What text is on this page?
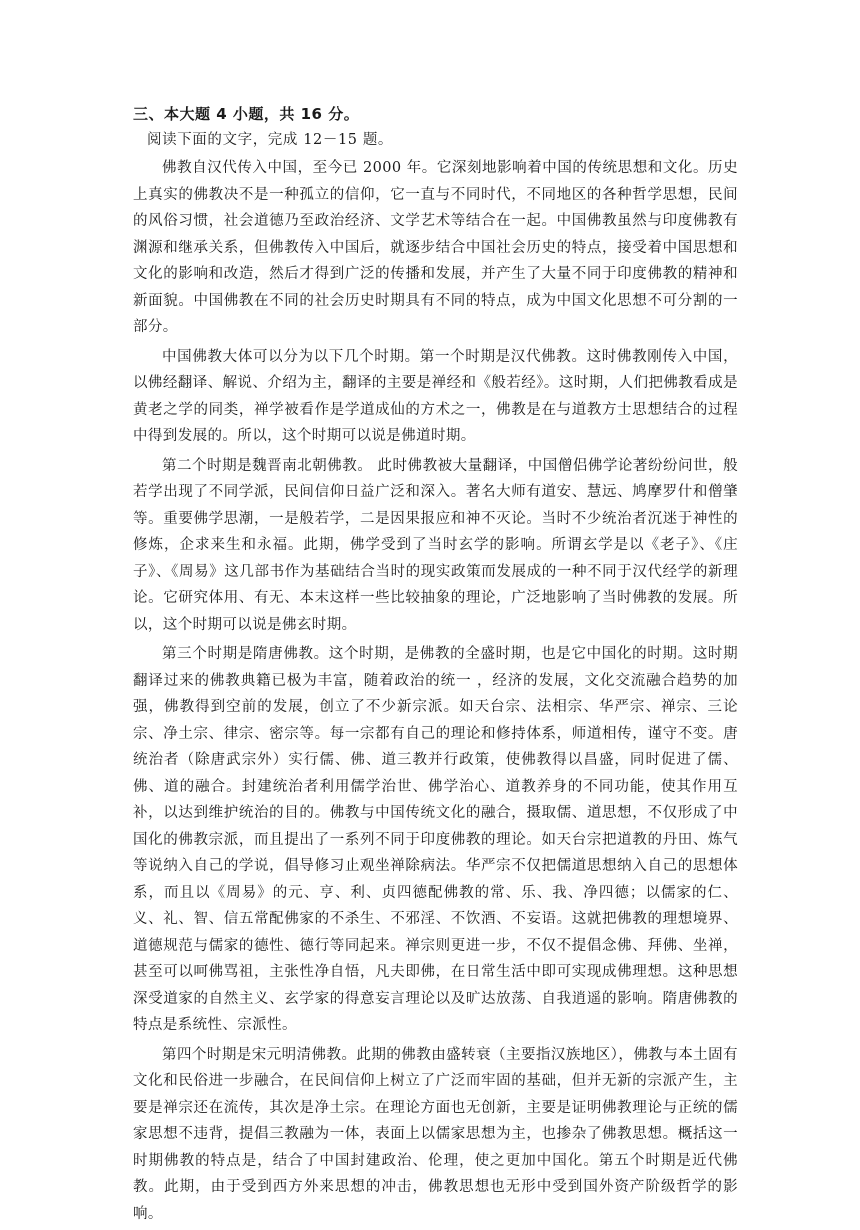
三、本大题 4 小题，共 16 分。
阅读下面的文字，完成 12－15 题。

佛教自汉代传入中国，至今已 2000 年。它深刻地影响着中国的传统思想和文化。历史上真实的佛教决不是一种孤立的信仰，它一直与不同时代，不同地区的各种哲学思想，民间的风俗习惯，社会道德乃至政治经济、文学艺术等结合在一起。中国佛教虽然与印度佛教有渊源和继承关系，但佛教传入中国后，就逐步结合中国社会历史的特点，接受着中国思想和文化的影响和改造，然后才得到广泛的传播和发展，并产生了大量不同于印度佛教的精神和新面貌。中国佛教在不同的社会历史时期具有不同的特点，成为中国文化思想不可分割的一部分。

中国佛教大体可以分为以下几个时期。第一个时期是汉代佛教。这时佛教刚传入中国，以佛经翻译、解说、介绍为主，翻译的主要是禅经和《般若经》。这时期，人们把佛教看成是黄老之学的同类，禅学被看作是学道成仙的方术之一，佛教是在与道教方士思想结合的过程中得到发展的。所以，这个时期可以说是佛道时期。

第二个时期是魏晋南北朝佛教。 此时佛教被大量翻译，中国僧侣佛学论著纷纷问世，般若学出现了不同学派，民间信仰日益广泛和深入。著名大师有道安、慧远、鸠摩罗什和僧肇等。重要佛学思潮，一是般若学，二是因果报应和神不灭论。当时不少统治者沉迷于神性的修炼，企求来生和永福。此期，佛学受到了当时玄学的影响。所谓玄学是以《老子》、《庄子》、《周易》这几部书作为基础结合当时的现实政策而发展成的一种不同于汉代经学的新理论。它研究体用、有无、本末这样一些比较抽象的理论，广泛地影响了当时佛教的发展。所以，这个时期可以说是佛玄时期。

第三个时期是隋唐佛教。这个时期，是佛教的全盛时期，也是它中国化的时期。这时期翻译过来的佛教典籍已极为丰富，随着政治的统一 ，经济的发展，文化交流融合趋势的加强，佛教得到空前的发展，创立了不少新宗派。如天台宗、法相宗、华严宗、禅宗、三论宗、净土宗、律宗、密宗等。每一宗都有自己的理论和修持体系，师道相传，谨守不变。唐统治者（除唐武宗外）实行儒、佛、道三教并行政策，使佛教得以昌盛，同时促进了儒、佛、道的融合。封建统治者利用儒学治世、佛学治心、道教养身的不同功能，使其作用互补，以达到维护统治的目的。佛教与中国传统文化的融合，摄取儒、道思想，不仅形成了中国化的佛教宗派，而且提出了一系列不同于印度佛教的理论。如天台宗把道教的丹田、炼气等说纳入自己的学说，倡导修习止观坐禅除病法。华严宗不仅把儒道思想纳入自己的思想体系，而且以《周易》的元、亨、利、贞四德配佛教的常、乐、我、净四德；以儒家的仁、义、礼、智、信五常配佛家的不杀生、不邪淫、不饮酒、不妄语。这就把佛教的理想境界、道德规范与儒家的德性、德行等同起来。禅宗则更进一步，不仅不提倡念佛、拜佛、坐禅，甚至可以呵佛骂祖，主张性净自悟，凡夫即佛，在日常生活中即可实现成佛理想。这种思想深受道家的自然主义、玄学家的得意妄言理论以及旷达放荡、自我逍遥的影响。隋唐佛教的特点是系统性、宗派性。

第四个时期是宋元明清佛教。此期的佛教由盛转衰（主要指汉族地区），佛教与本土固有文化和民俗进一步融合，在民间信仰上树立了广泛而牢固的基础，但并无新的宗派产生，主要是禅宗还在流传，其次是净土宗。在理论方面也无创新，主要是证明佛教理论与正统的儒家思想不违背，提倡三教融为一体，表面上以儒家思想为主，也掺杂了佛教思想。概括这一时期佛教的特点是，结合了中国封建政治、伦理，使之更加中国化。第五个时期是近代佛教。此期，由于受到西方外来思想的冲击，佛教思想也无形中受到国外资产阶级哲学的影响。
